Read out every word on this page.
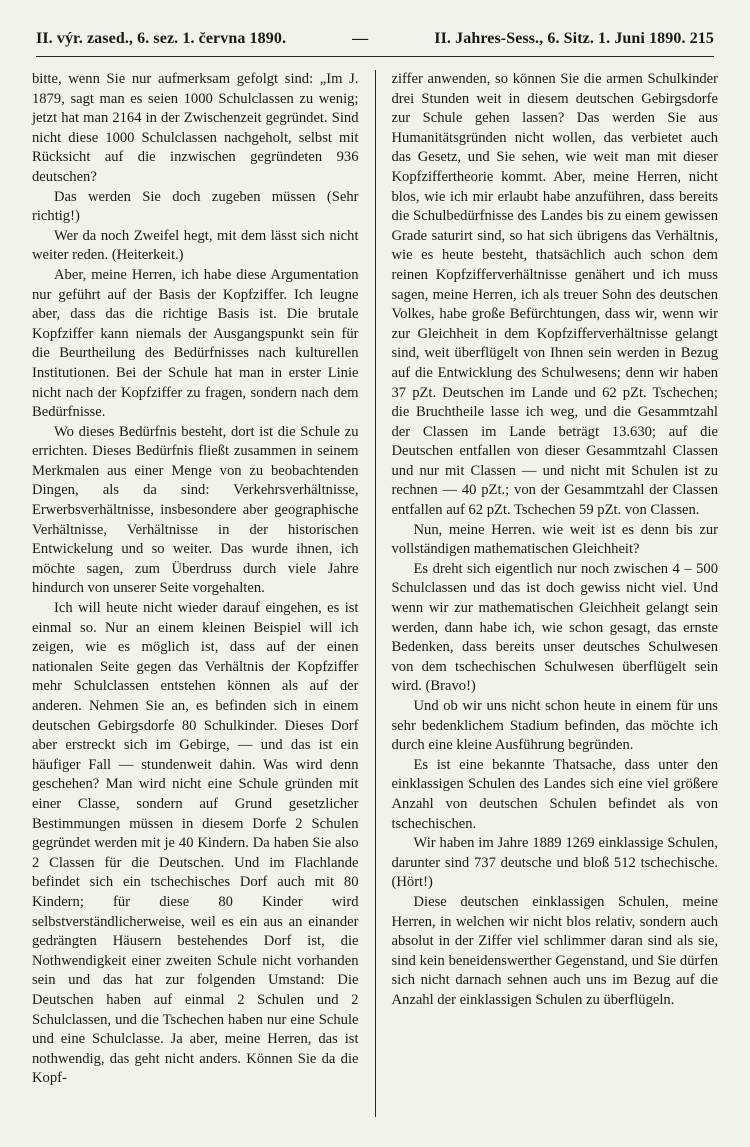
II. výr. zased., 6. sez. 1. června 1890.	—	II. Jahres-Sess., 6. Sitz. 1. Juni 1890. 215

bitte, wenn Sie nur aufmerksam gefolgt sind: „Im J. 1879, sagt man es seien 1000 Schulclassen zu wenig; jetzt hat man 2164 in der Zwischenzeit gegründet. Sind nicht diese 1000 Schulclassen nachgeholt, selbst mit Rücksicht auf die inzwischen gegründeten 936 deutschen?

Das werden Sie doch zugeben müssen (Sehr richtig!)

Wer da noch Zweifel hegt, mit dem lässt sich nicht weiter reden. (Heiterkeit.)

Aber, meine Herren, ich habe diese Argumentation nur geführt auf der Basis der Kopfziffer. Ich leugne aber, dass das die richtige Basis ist. Die brutale Kopfziffer kann niemals der Ausgangspunkt sein für die Beurtheilung des Bedürfnisses nach kulturellen Institutionen. Bei der Schule hat man in erster Linie nicht nach der Kopfziffer zu fragen, sondern nach dem Bedürfnisse.

Wo dieses Bedürfnis besteht, dort ist die Schule zu errichten. Dieses Bedürfnis fließt zusammen in seinem Merkmalen aus einer Menge von zu beobachtenden Dingen, als da sind: Verkehrsverhältnisse, Erwerbsverhältnisse, insbesondere aber geographische Verhältnisse, Verhältnisse in der historischen Entwickelung und so weiter. Das wurde ihnen, ich möchte sagen, zum Überdruss durch viele Jahre hindurch von unserer Seite vorgehalten.

Ich will heute nicht wieder darauf eingehen, es ist einmal so. Nur an einem kleinen Beispiel will ich zeigen, wie es möglich ist, dass auf der einen nationalen Seite gegen das Verhältnis der Kopfziffer mehr Schulclassen entstehen können als auf der anderen. Nehmen Sie an, es befinden sich in einem deutschen Gebirgsdorfe 80 Schulkinder. Dieses Dorf aber erstreckt sich im Gebirge, — und das ist ein häufiger Fall — stundenweit dahin. Was wird denn geschehen? Man wird nicht eine Schule gründen mit einer Classe, sondern auf Grund gesetzlicher Bestimmungen müssen in diesem Dorfe 2 Schulen gegründet werden mit je 40 Kindern. Da haben Sie also 2 Classen für die Deutschen. Und im Flachlande befindet sich ein tschechisches Dorf auch mit 80 Kindern; für diese 80 Kinder wird selbstverständlicherweise, weil es ein aus an einander gedrängten Häusern bestehendes Dorf ist, die Nothwendigkeit einer zweiten Schule nicht vorhanden sein und das hat zur folgenden Umstand: Die Deutschen haben auf einmal 2 Schulen und 2 Schulclassen, und die Tschechen haben nur eine Schule und eine Schulclasse. Ja aber, meine Herren, das ist nothwendig, das geht nicht anders. Können Sie da die Kopf-

ziffer anwenden, so können Sie die armen Schulkinder drei Stunden weit in diesem deutschen Gebirgsdorfe zur Schule gehen lassen? Das werden Sie aus Humanitätsgründen nicht wollen, das verbietet auch das Gesetz, und Sie sehen, wie weit man mit dieser Kopfziffertheorie kommt. Aber, meine Herren, nicht blos, wie ich mir erlaubt habe anzuführen, dass bereits die Schulbedürfnisse des Landes bis zu einem gewissen Grade saturirt sind, so hat sich übrigens das Verhältnis, wie es heute besteht, thatsächlich auch schon dem reinen Kopfzifferverhältnisse genähert und ich muss sagen, meine Herren, ich als treuer Sohn des deutschen Volkes, habe große Befürchtungen, dass wir, wenn wir zur Gleichheit in dem Kopfzifferverhältnisse gelangt sind, weit überflügelt von Ihnen sein werden in Bezug auf die Entwicklung des Schulwesens; denn wir haben 37 pZt. Deutschen im Lande und 62 pZt. Tschechen; die Bruchtheile lasse ich weg, und die Gesammtzahl der Classen im Lande beträgt 13.630; auf die Deutschen entfallen von dieser Gesammtzahl Classen und nur mit Classen — und nicht mit Schulen ist zu rechnen — 40 pZt.; von der Gesammtzahl der Classen entfallen auf 62 pZt. Tschechen 59 pZt. von Classen.

Nun, meine Herren. wie weit ist es denn bis zur vollständigen mathematischen Gleichheit?

Es dreht sich eigentlich nur noch zwischen 4 – 500 Schulclassen und das ist doch gewiss nicht viel. Und wenn wir zur mathematischen Gleichheit gelangt sein werden, dann habe ich, wie schon gesagt, das ernste Bedenken, dass bereits unser deutsches Schulwesen von dem tschechischen Schulwesen überflügelt sein wird. (Bravo!)

Und ob wir uns nicht schon heute in einem für uns sehr bedenklichem Stadium befinden, das möchte ich durch eine kleine Ausführung begründen.

Es ist eine bekannte Thatsache, dass unter den einklassigen Schulen des Landes sich eine viel größere Anzahl von deutschen Schulen befindet als von tschechischen.

Wir haben im Jahre 1889 1269 einklassige Schulen, darunter sind 737 deutsche und bloß 512 tschechische. (Hört!)

Diese deutschen einklassigen Schulen, meine Herren, in welchen wir nicht blos relativ, sondern auch absolut in der Ziffer viel schlimmer daran sind als sie, sind kein beneidenswerther Gegenstand, und Sie dürfen sich nicht darnach sehnen auch uns im Bezug auf die Anzahl der einklassigen Schulen zu überflügeln.
